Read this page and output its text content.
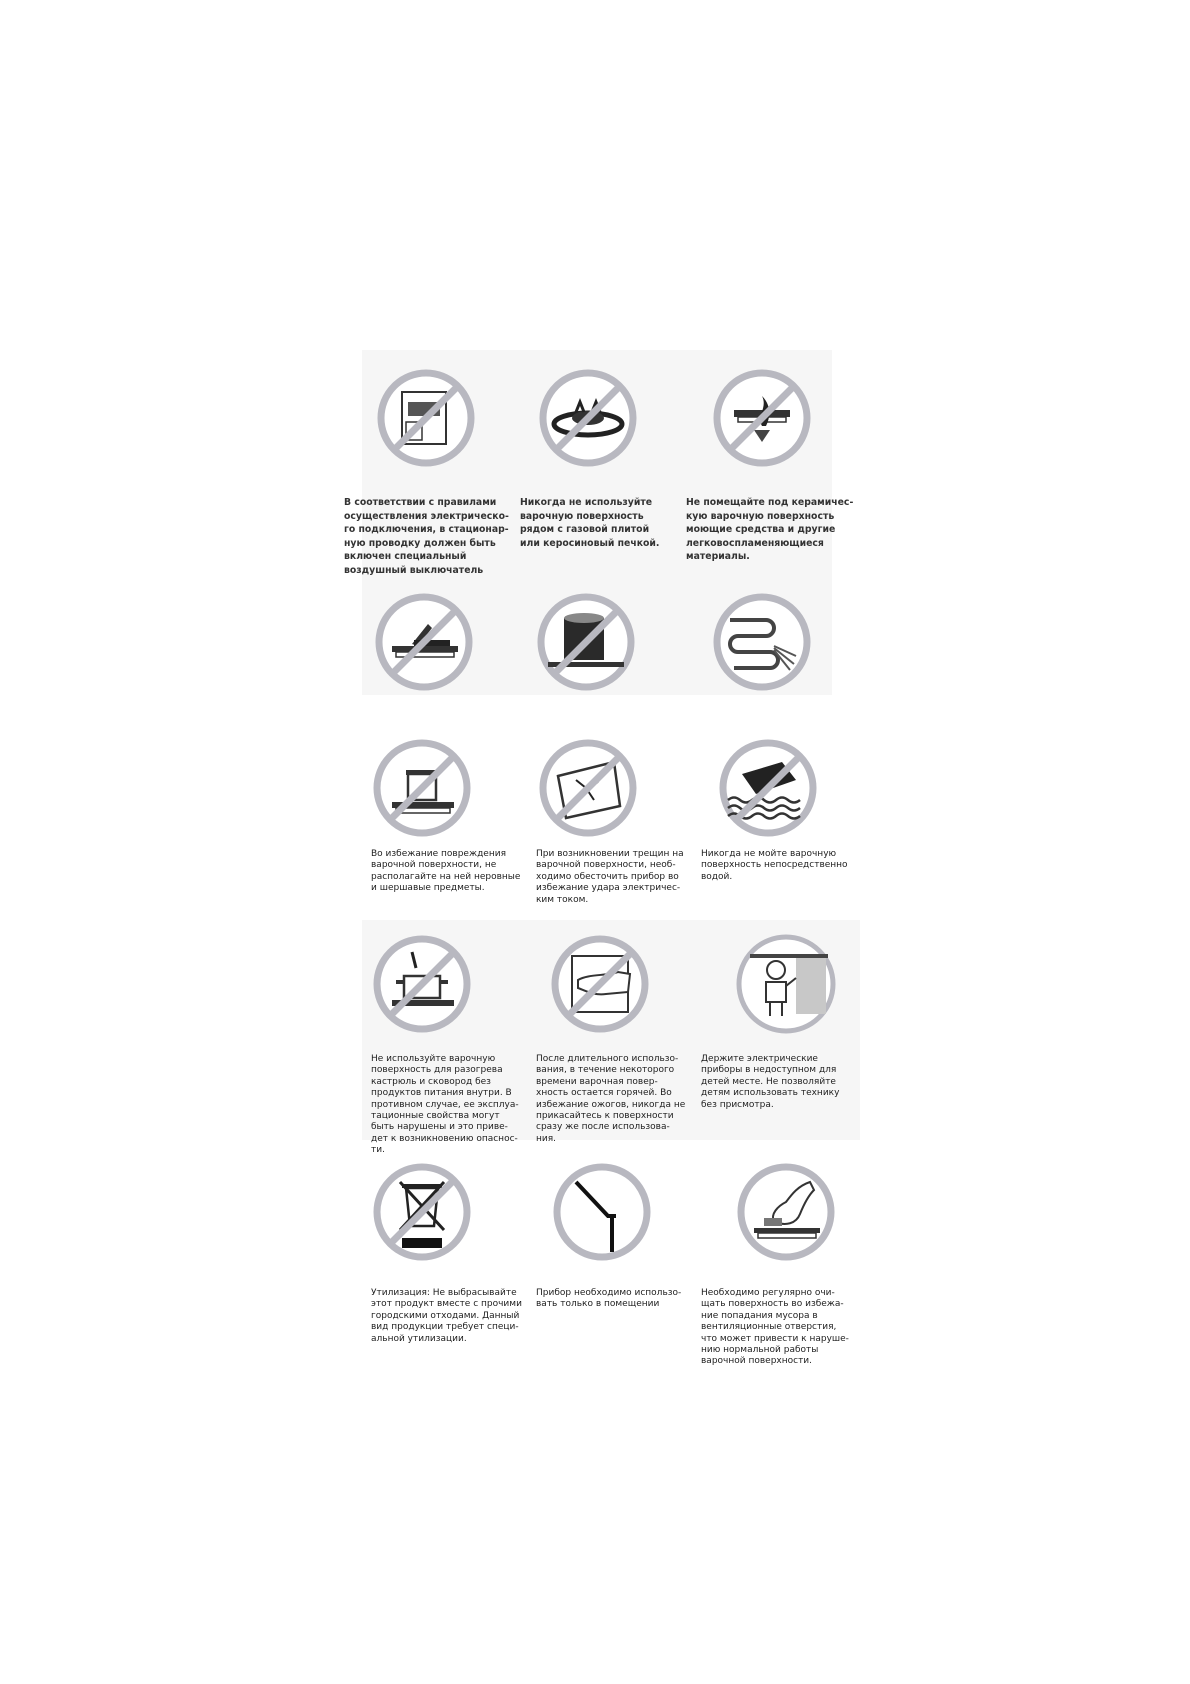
В соответствии с правилами
осуществления электрическо-
го подключения, в стационар-
ную проводку должен быть
включен специальный
воздушный выключатель
Никогда не используйте
варочную поверхность
рядом с газовой плитой
или керосиновый печкой.
Не помещайте под керамичес-
кую варочную поверхность
моющие средства и другие
легковоспламеняющиеся
материалы.
Во избежание повреждения
варочной поверхности, не
располагайте на ней неровные
и шершавые предметы.
При возникновении трещин на
варочной поверхности, необ-
ходимо обесточить прибор во
избежание удара электричес-
ким током.
Никогда не мойте варочную
поверхность непосредственно
водой.
Не используйте варочную
поверхность для разогрева
кастрюль и сковород без
продуктов питания внутри. В
противном случае, ее эксплуа-
тационные свойства могут
быть нарушены и это приве-
дет к возникновению опаснос-
ти.
После длительного использо-
вания, в течение некоторого
времени варочная повер-
хность остается горячей. Во
избежание ожогов, никогда не
прикасайтесь к поверхности
сразу же после использова-
ния.
Держите электрические
приборы в недоступном для
детей месте. Не позволяйте
детям использовать технику
без присмотра.
Утилизация: Не выбрасывайте
этот продукт вместе с прочими
городскими отходами. Данный
вид продукции требует специ-
альной утилизации.
Прибор необходимо использо-
вать только в помещении
Необходимо регулярно очи-
щать поверхность во избежа-
ние попадания мусора в
вентиляционные отверстия,
что может привести к наруше-
нию нормальной работы
варочной поверхности.
